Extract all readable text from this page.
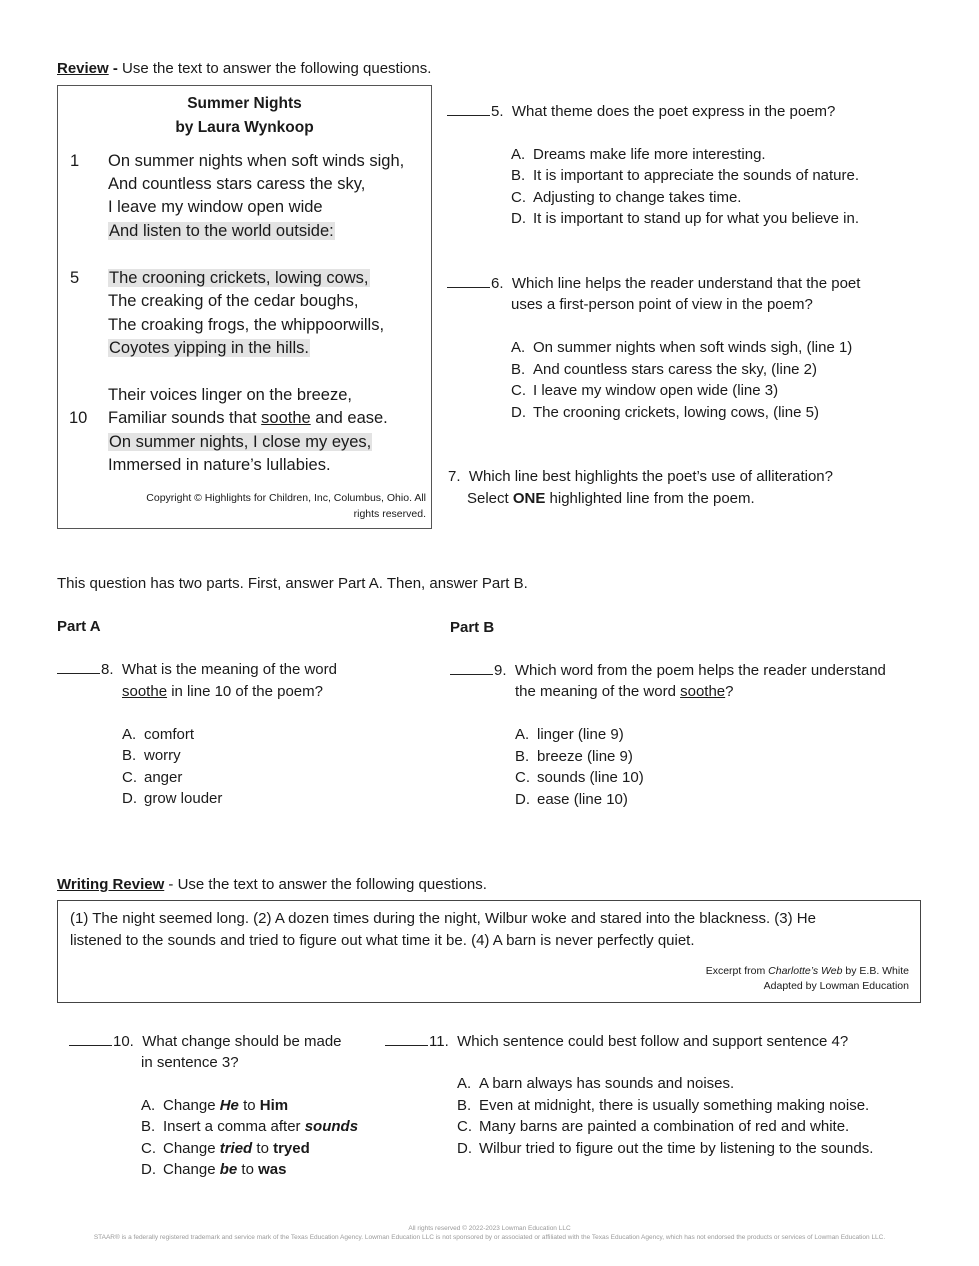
Review - Use the text to answer the following questions.
Summer Nights
by Laura Wynkoop
1 On summer nights when soft winds sigh,
And countless stars caress the sky,
I leave my window open wide
And listen to the world outside:
5 The crooning crickets, lowing cows,
The creaking of the cedar boughs,
The croaking frogs, the whippoorwills,
Coyotes yipping in the hills.
Their voices linger on the breeze,
10 Familiar sounds that soothe and ease.
On summer nights, I close my eyes,
Immersed in nature’s lullabies.
Copyright © Highlights for Children, Inc, Columbus, Ohio. All
rights reserved.
5. What theme does the poet express in the poem?
A. Dreams make life more interesting.
B. It is important to appreciate the sounds of nature.
C. Adjusting to change takes time.
D. It is important to stand up for what you believe in.
6. Which line helps the reader understand that the poet
uses a first-person point of view in the poem?
A. On summer nights when soft winds sigh, (line 1)
B. And countless stars caress the sky, (line 2)
C. I leave my window open wide (line 3)
D. The crooning crickets, lowing cows, (line 5)
7. Which line best highlights the poet’s use of alliteration?
Select ONE highlighted line from the poem.
This question has two parts. First, answer Part A. Then, answer Part B.
Part A
8. What is the meaning of the word
soothe in line 10 of the poem?
A. comfort
B. worry
C. anger
D. grow louder
Part B
9. Which word from the poem helps the reader understand
the meaning of the word soothe?
A. linger (line 9)
B. breeze (line 9)
C. sounds (line 10)
D. ease (line 10)
Writing Review - Use the text to answer the following questions.
(1) The night seemed long. (2) A dozen times during the night, Wilbur woke and stared into the blackness. (3) He
listened to the sounds and tried to figure out what time it be. (4) A barn is never perfectly quiet.
Excerpt from Charlotte’s Web by E.B. White
Adapted by Lowman Education
10. What change should be made
in sentence 3?
A. Change He to Him
B. Insert a comma after sounds
C. Change tried to tryed
D. Change be to was
11. Which sentence could best follow and support sentence 4?
A. A barn always has sounds and noises.
B. Even at midnight, there is usually something making noise.
C. Many barns are painted a combination of red and white.
D. Wilbur tried to figure out the time by listening to the sounds.
All rights reserved © 2022-2023 Lowman Education LLC
STAAR® is a federally registered trademark and service mark of the Texas Education Agency. Lowman Education LLC is not sponsored by or associated or affiliated with the Texas Education Agency, which has not endorsed the products or services of Lowman Education LLC.
